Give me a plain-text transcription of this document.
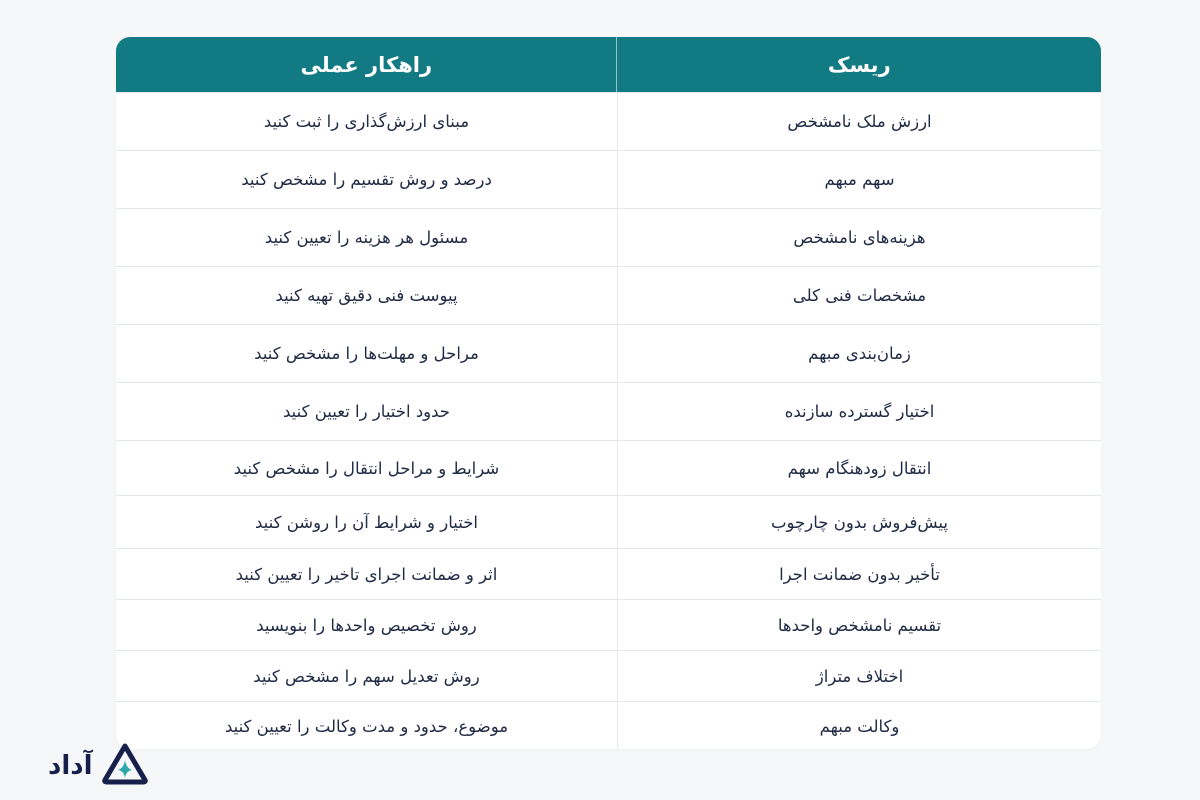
ریسک
راهکار عملی
ارزش ملک نامشخص
مبنای ارزش‌گذاری را ثبت کنید
سهم مبهم
درصد و روش تقسیم را مشخص کنید
هزینه‌های نامشخص
مسئول هر هزینه را تعیین کنید
مشخصات فنی کلی
پیوست فنی دقیق تهیه کنید
زمان‌بندی مبهم
مراحل و مهلت‌ها را مشخص کنید
اختیار گسترده سازنده
حدود اختیار را تعیین کنید
انتقال زودهنگام سهم
شرایط و مراحل انتقال را مشخص کنید
پیش‌فروش بدون چارچوب
اختیار و شرایط آن را روشن کنید
تأخیر بدون ضمانت اجرا
اثر و ضمانت اجرای تاخیر را تعیین کنید
تقسیم نامشخص واحدها
روش تخصیص واحدها را بنویسید
اختلاف متراژ
روش تعدیل سهم را مشخص کنید
وکالت مبهم
موضوع، حدود و مدت وکالت را تعیین کنید
آداد
